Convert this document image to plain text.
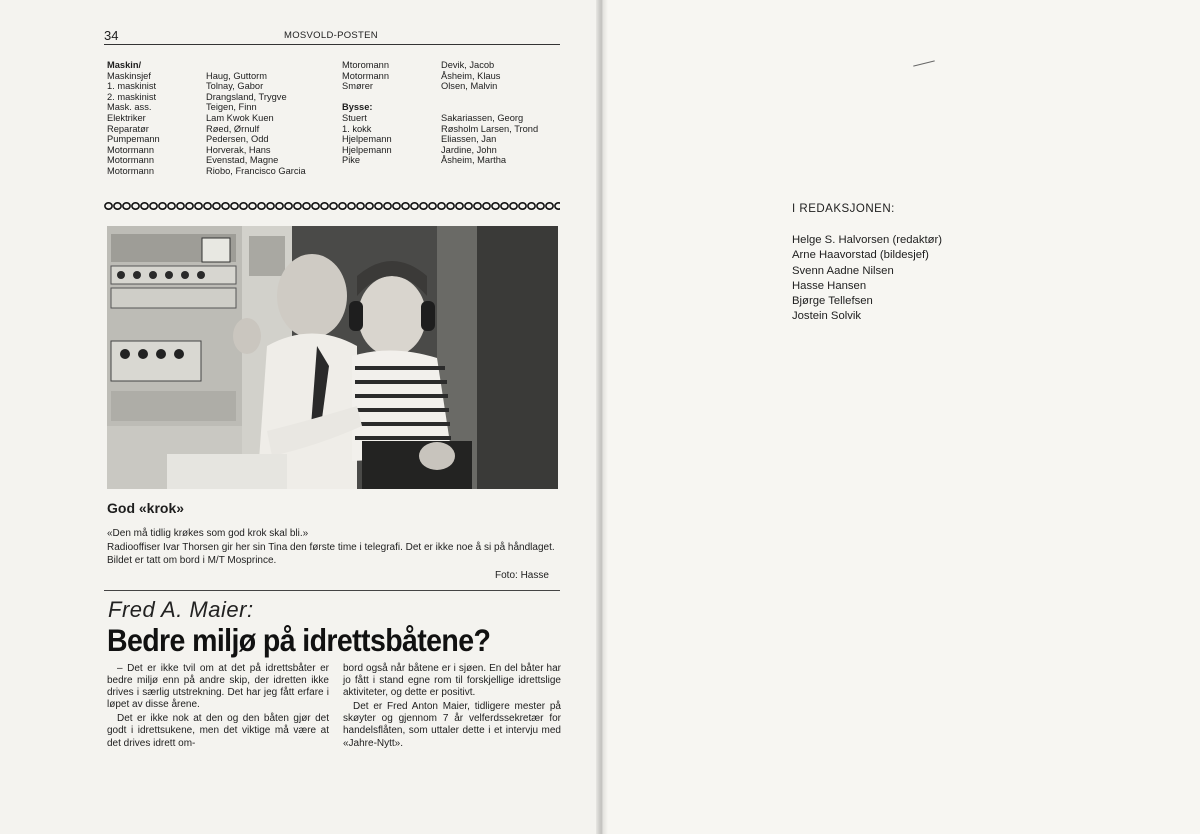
34	MOSVOLD-POSTEN
Maskin/
Maskinsjef	Haug, Guttorm
1. maskinist	Tolnay, Gabor
2. maskinist	Drangsland, Trygve
Mask. ass.	Teigen, Finn
Elektriker	Lam Kwok Kuen
Reparatør	Røed, Ørnulf
Pumpemann	Pedersen, Odd
Motormann	Horverak, Hans
Motormann	Evenstad, Magne
Motormann	Riobo, Francisco Garcia
Mtoromann	Devik, Jacob
Motormann	Åsheim, Klaus
Smører	Olsen, Malvin
Bysse:
Stuert	Sakariassen, Georg
1. kokk	Røsholm Larsen, Trond
Hjelpemann	Eliassen, Jan
Hjelpemann	Jardine, John
Pike	Åsheim, Martha
God «krok»
«Den må tidlig krøkes som god krok skal bli.»
Radiooffiser Ivar Thorsen gir her sin Tina den første time i telegrafi. Det er ikke noe å si på håndlaget. Bildet er tatt om bord i M/T Mosprince.
Foto: Hasse
Fred A. Maier:
Bedre miljø på idrettsbåtene?

– Det er ikke tvil om at det på idrettsbåter er bedre miljø enn på andre skip, der idretten ikke drives i særlig utstrekning. Det har jeg fått erfare i løpet av disse årene.

Det er ikke nok at den og den båten gjør det godt i idrettsukene, men det viktige må være at det drives idrett om-

bord også når båtene er i sjøen. En del båter har jo fått i stand egne rom til forskjellige idrettslige aktiviteter, og dette er positivt.

Det er Fred Anton Maier, tidligere mester på skøyter og gjennom 7 år velferdssekretær for handelsflåten, som uttaler dette i et intervju med «Jahre-Nytt».

I REDAKSJONEN:
Helge S. Halvorsen (redaktør)
Arne Haavorstad (bildesjef)
Svenn Aadne Nilsen
Hasse Hansen
Bjørge Tellefsen
Jostein Solvik
